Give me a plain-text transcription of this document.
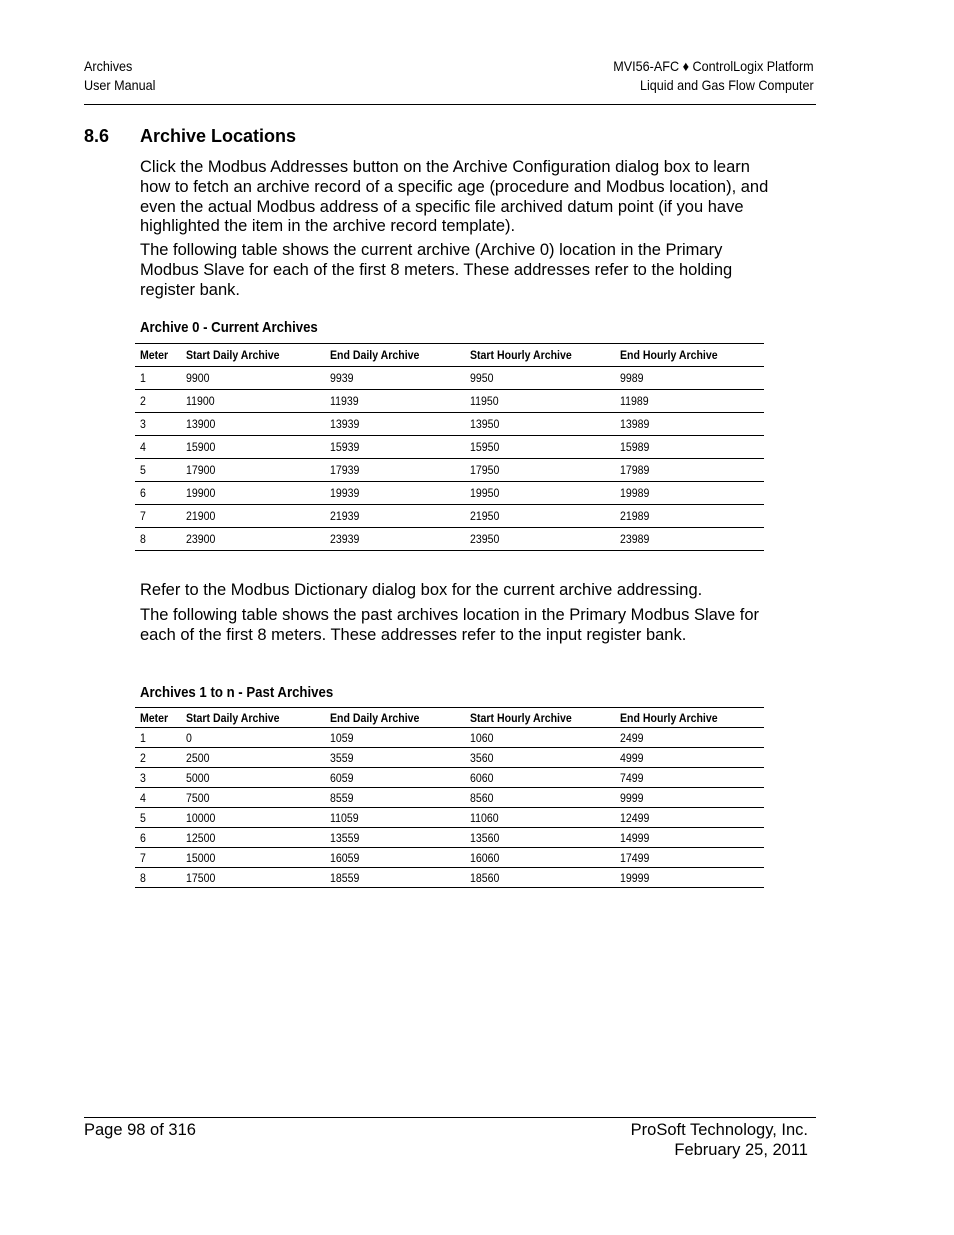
Archives
User Manual
MVI56-AFC ♦ ControlLogix Platform
Liquid and Gas Flow Computer
8.6 Archive Locations
Click the Modbus Addresses button on the Archive Configuration dialog box to learn how to fetch an archive record of a specific age (procedure and Modbus location), and even the actual Modbus address of a specific file archived datum point (if you have highlighted the item in the archive record template).
The following table shows the current archive (Archive 0) location in the Primary Modbus Slave for each of the first 8 meters. These addresses refer to the holding register bank.
Archive 0 - Current Archives
Meter	Start Daily Archive	End Daily Archive	Start Hourly Archive	End Hourly Archive
1	9900	9939	9950	9989
2	11900	11939	11950	11989
3	13900	13939	13950	13989
4	15900	15939	15950	15989
5	17900	17939	17950	17989
6	19900	19939	19950	19989
7	21900	21939	21950	21989
8	23900	23939	23950	23989
Refer to the Modbus Dictionary dialog box for the current archive addressing.
The following table shows the past archives location in the Primary Modbus Slave for each of the first 8 meters. These addresses refer to the input register bank.
Archives 1 to n - Past Archives
Meter	Start Daily Archive	End Daily Archive	Start Hourly Archive	End Hourly Archive
1	0	1059	1060	2499
2	2500	3559	3560	4999
3	5000	6059	6060	7499
4	7500	8559	8560	9999
5	10000	11059	11060	12499
6	12500	13559	13560	14999
7	15000	16059	16060	17499
8	17500	18559	18560	19999
Page 98 of 316	ProSoft Technology, Inc.
February 25, 2011
